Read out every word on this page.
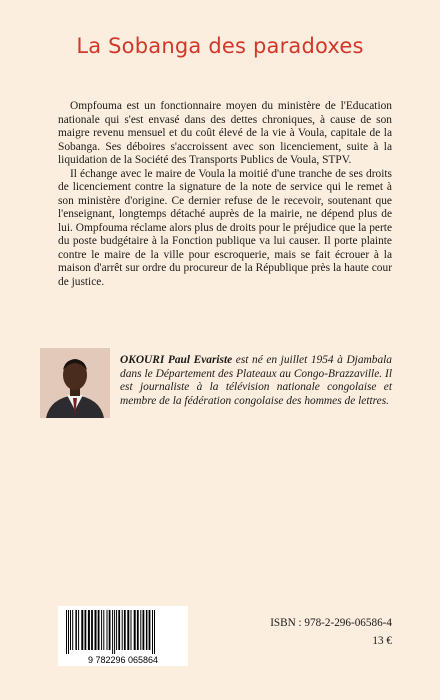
La Sobanga des paradoxes

Ompfouma est un fonctionnaire moyen du ministère de l'Education nationale qui s'est envasé dans des dettes chroniques, à cause de son maigre revenu mensuel et du coût élevé de la vie à Voula, capitale de la Sobanga. Ses déboires s'accroissent avec son licenciement, suite à la liquidation de la Société des Transports Publics de Voula, STPV.

Il échange avec le maire de Voula la moitié d'une tranche de ses droits de licenciement contre la signature de la note de service qui le remet à son ministère d'origine. Ce dernier refuse de le recevoir, soutenant que l'enseignant, longtemps détaché auprès de la mairie, ne dépend plus de lui. Ompfouma réclame alors plus de droits pour le préjudice que la perte du poste budgétaire à la Fonction publique va lui causer. Il porte plainte contre le maire de la ville pour escroquerie, mais se fait écrouer à la maison d'arrêt sur ordre du procureur de la République près la haute cour de justice.

OKOURI Paul Evariste est né en juillet 1954 à Djambala dans le Département des Plateaux au Congo-Brazzaville. Il est journaliste à la télévision nationale congolaise et membre de la fédération congolaise des hommes de lettres.

9 782296 065864
ISBN : 978-2-296-06586-4
13 €
